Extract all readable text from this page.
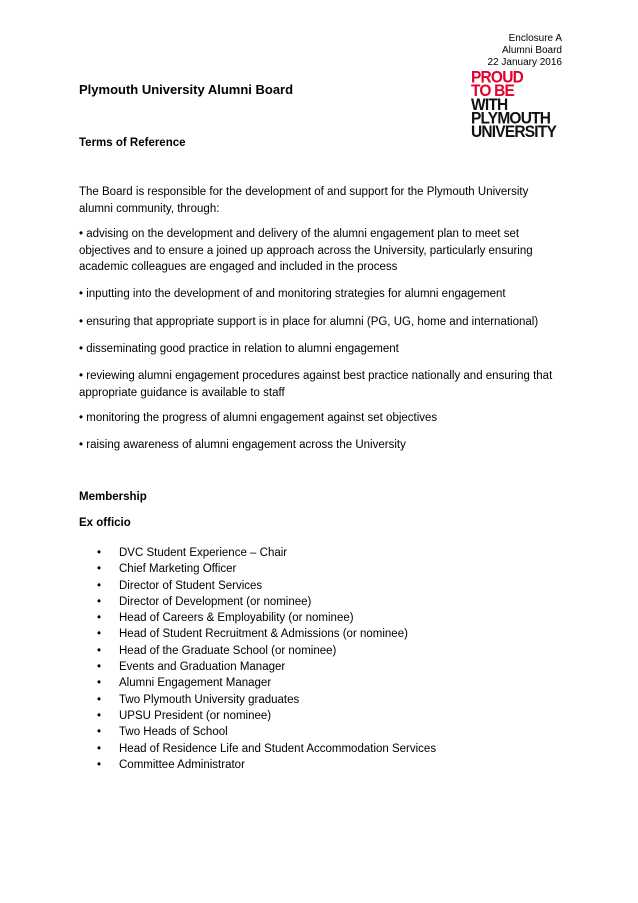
Enclosure A
Alumni Board
22 January 2016
Plymouth University Alumni Board
PROUD
TO BE
WITH
PLYMOUTH
UNIVERSITY
Terms of Reference

The Board is responsible for the development of and support for the Plymouth University alumni community, through:

• advising on the development and delivery of the alumni engagement plan to meet set objectives and to ensure a joined up approach across the University, particularly ensuring academic colleagues are engaged and included in the process

• inputting into the development of and monitoring strategies for alumni engagement

• ensuring that appropriate support is in place for alumni (PG, UG, home and international)

• disseminating good practice in relation to alumni engagement

• reviewing alumni engagement procedures against best practice nationally and ensuring that appropriate guidance is available to staff

• monitoring the progress of alumni engagement against set objectives

• raising awareness of alumni engagement across the University

Membership
Ex officio
• DVC Student Experience – Chair
• Chief Marketing Officer
• Director of Student Services
• Director of Development (or nominee)
• Head of Careers & Employability (or nominee)
• Head of Student Recruitment & Admissions (or nominee)
• Head of the Graduate School (or nominee)
• Events and Graduation Manager
• Alumni Engagement Manager
• Two Plymouth University graduates
• UPSU President (or nominee)
• Two Heads of School
• Head of Residence Life and Student Accommodation Services
• Committee Administrator
